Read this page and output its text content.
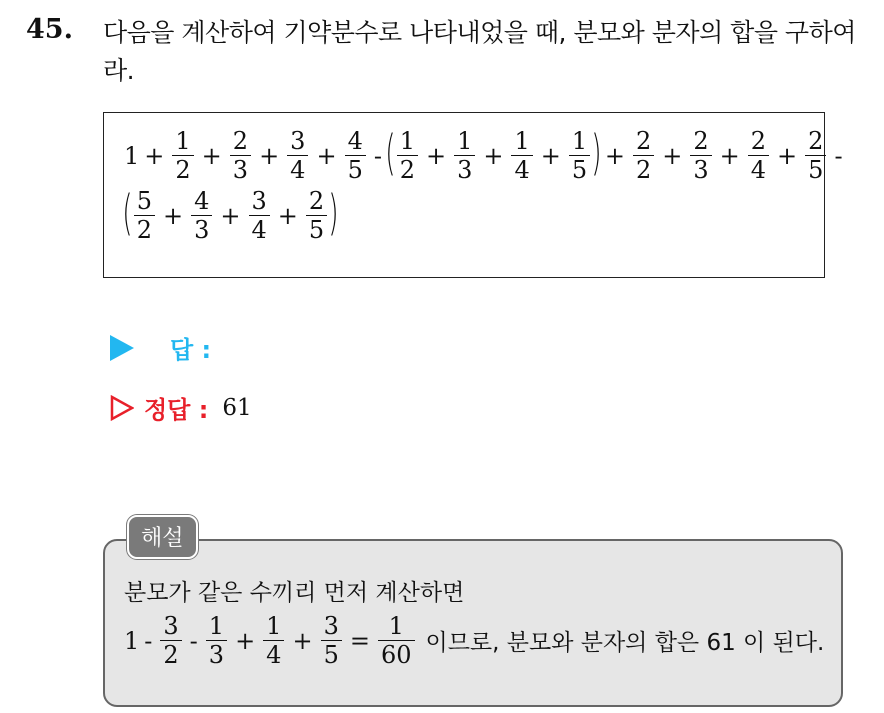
45. 다음을 계산하여 기약분수로 나타내었을 때, 분모와 분자의 합을 구하여라.
$1 + \frac{1}{2} + \frac{2}{3} + \frac{3}{4} + \frac{4}{5}$ - ( $\frac{1}{2} + \frac{1}{3} + \frac{1}{4} + \frac{1}{5}$ ) + $\frac{2}{2} + \frac{2}{3} + \frac{2}{4} + \frac{2}{5}$ -
( $\frac{5}{2} + \frac{4}{3} + \frac{3}{4} + \frac{2}{5}$ )
답 :
정답 : 61
해설
분모가 같은 수끼리 먼저 계산하면
$1 - \frac{3}{2} - \frac{1}{3} + \frac{1}{4} + \frac{3}{5} = \frac{1}{60}$ 이므로, 분모와 분자의 합은 61 이 된다.
